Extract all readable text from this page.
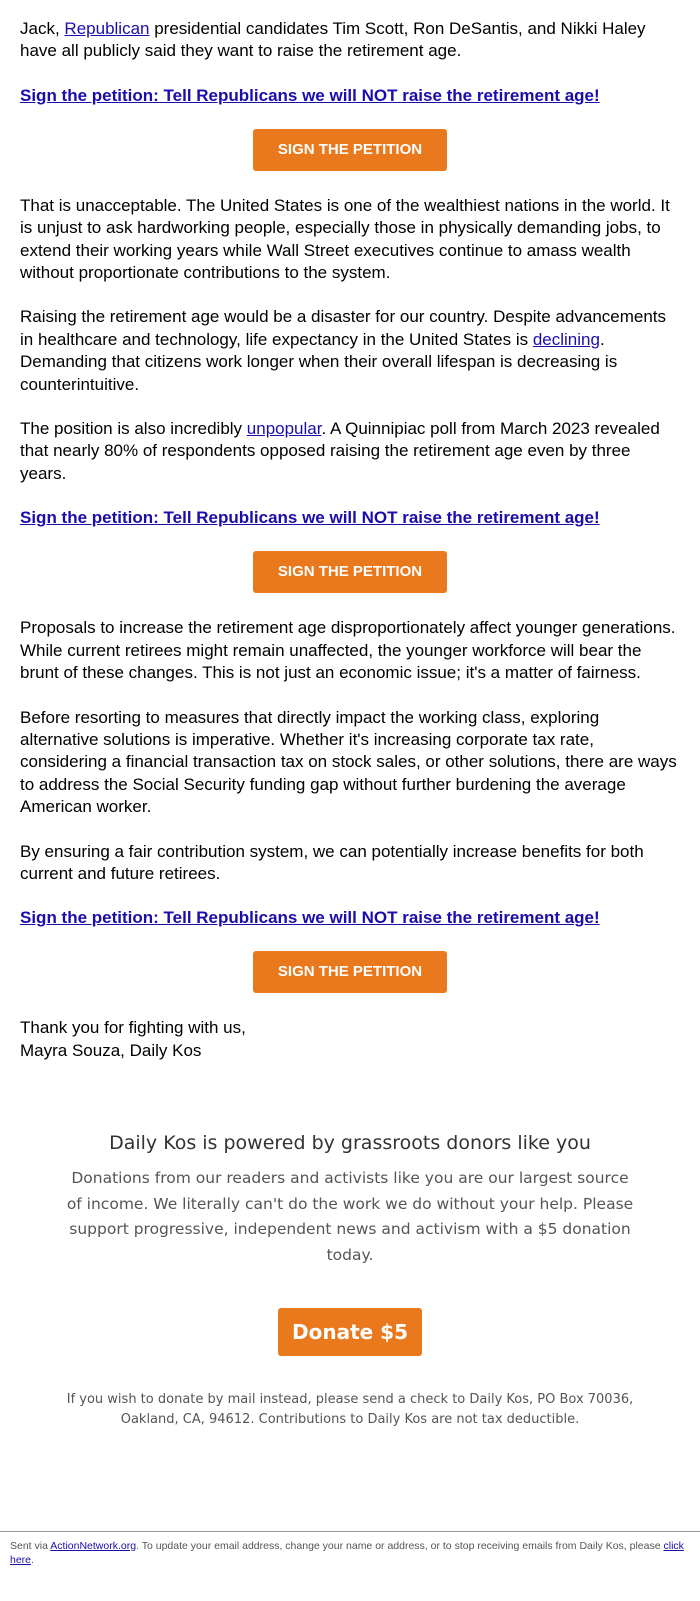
Jack, Republican presidential candidates Tim Scott, Ron DeSantis, and Nikki Haley have all publicly said they want to raise the retirement age.

Sign the petition: Tell Republicans we will NOT raise the retirement age!
SIGN THE PETITION

That is unacceptable. The United States is one of the wealthiest nations in the world. It is unjust to ask hardworking people, especially those in physically demanding jobs, to extend their working years while Wall Street executives continue to amass wealth without proportionate contributions to the system.

Raising the retirement age would be a disaster for our country. Despite advancements in healthcare and technology, life expectancy in the United States is declining. Demanding that citizens work longer when their overall lifespan is decreasing is counterintuitive.

The position is also incredibly unpopular. A Quinnipiac poll from March 2023 revealed that nearly 80% of respondents opposed raising the retirement age even by three years.

Sign the petition: Tell Republicans we will NOT raise the retirement age!
SIGN THE PETITION

Proposals to increase the retirement age disproportionately affect younger generations. While current retirees might remain unaffected, the younger workforce will bear the brunt of these changes. This is not just an economic issue; it's a matter of fairness.

Before resorting to measures that directly impact the working class, exploring alternative solutions is imperative. Whether it's increasing corporate tax rate, considering a financial transaction tax on stock sales, or other solutions, there are ways to address the Social Security funding gap without further burdening the average American worker.

By ensuring a fair contribution system, we can potentially increase benefits for both current and future retirees.

Sign the petition: Tell Republicans we will NOT raise the retirement age!
SIGN THE PETITION

Thank you for fighting with us,
Mayra Souza, Daily Kos

Daily Kos is powered by grassroots donors like you

Donations from our readers and activists like you are our largest source of income. We literally can't do the work we do without your help. Please support progressive, independent news and activism with a $5 donation today.
Donate $5
If you wish to donate by mail instead, please send a check to Daily Kos, PO Box 70036, Oakland, CA, 94612. Contributions to Daily Kos are not tax deductible.
Sent via ActionNetwork.org. To update your email address, change your name or address, or to stop receiving emails from Daily Kos, please click here.
